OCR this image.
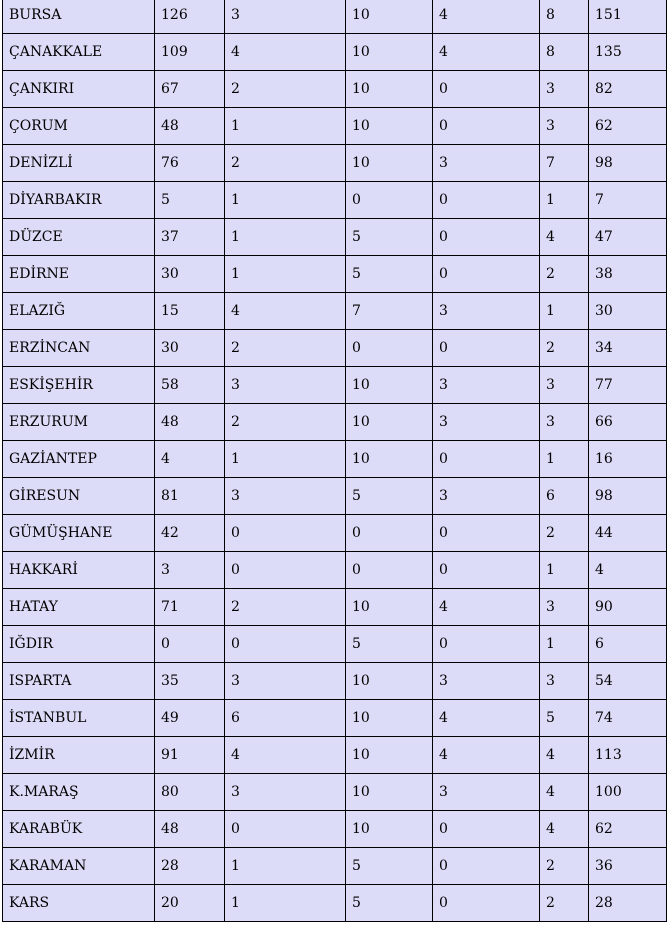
BURSA	126	3	10	4	8	151
ÇANAKKALE	109	4	10	4	8	135
ÇANKIRI	67	2	10	0	3	82
ÇORUM	48	1	10	0	3	62
DENİZLİ	76	2	10	3	7	98
DİYARBAKIR	5	1	0	0	1	7
DÜZCE	37	1	5	0	4	47
EDİRNE	30	1	5	0	2	38
ELAZIĞ	15	4	7	3	1	30
ERZİNCAN	30	2	0	0	2	34
ESKİŞEHİR	58	3	10	3	3	77
ERZURUM	48	2	10	3	3	66
GAZİANTEP	4	1	10	0	1	16
GİRESUN	81	3	5	3	6	98
GÜMÜŞHANE	42	0	0	0	2	44
HAKKARİ	3	0	0	0	1	4
HATAY	71	2	10	4	3	90
IĞDIR	0	0	5	0	1	6
ISPARTA	35	3	10	3	3	54
İSTANBUL	49	6	10	4	5	74
İZMİR	91	4	10	4	4	113
K.MARAŞ	80	3	10	3	4	100
KARABÜK	48	0	10	0	4	62
KARAMAN	28	1	5	0	2	36
KARS	20	1	5	0	2	28
